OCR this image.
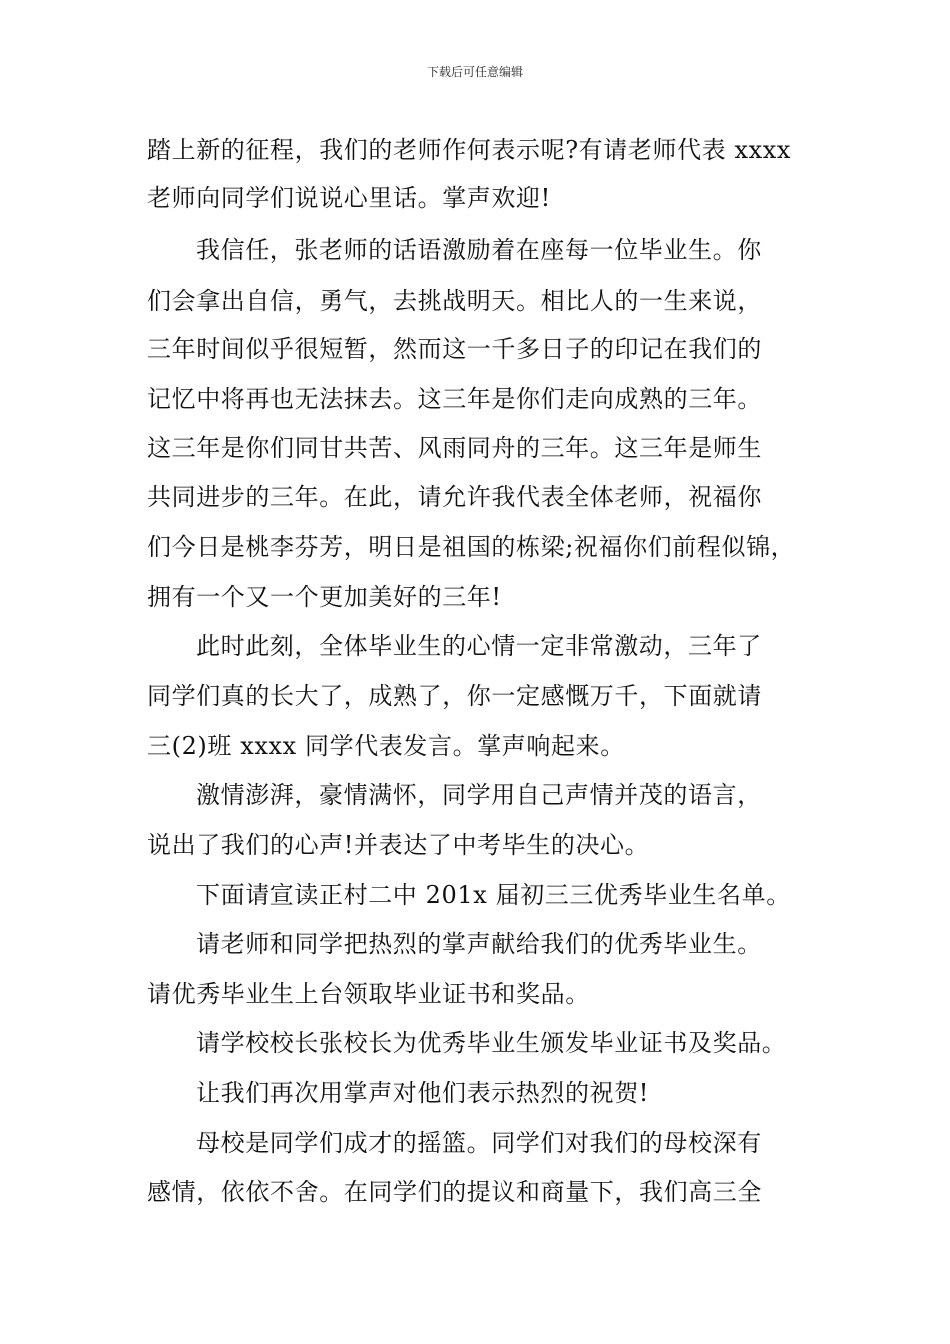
下载后可任意编辑
踏上新的征程，我们的老师作何表示呢?有请老师代表 xxxx
老师向同学们说说心里话。掌声欢迎!
我信任，张老师的话语激励着在座每一位毕业生。你
们会拿出自信，勇气，去挑战明天。相比人的一生来说，
三年时间似乎很短暂，然而这一千多日子的印记在我们的
记忆中将再也无法抹去。这三年是你们走向成熟的三年。
这三年是你们同甘共苦、风雨同舟的三年。这三年是师生
共同进步的三年。在此，请允许我代表全体老师，祝福你
们今日是桃李芬芳，明日是祖国的栋梁;祝福你们前程似锦，
拥有一个又一个更加美好的三年!
此时此刻，全体毕业生的心情一定非常激动，三年了
同学们真的长大了，成熟了，你一定感慨万千，下面就请
三(2)班 xxxx 同学代表发言。掌声响起来。
激情澎湃，豪情满怀，同学用自己声情并茂的语言，
说出了我们的心声!并表达了中考毕生的决心。
下面请宣读正村二中 201x 届初三三优秀毕业生名单。
请老师和同学把热烈的掌声献给我们的优秀毕业生。
请优秀毕业生上台领取毕业证书和奖品。
请学校校长张校长为优秀毕业生颁发毕业证书及奖品。
让我们再次用掌声对他们表示热烈的祝贺!
母校是同学们成才的摇篮。同学们对我们的母校深有
感情，依依不舍。在同学们的提议和商量下，我们高三全
